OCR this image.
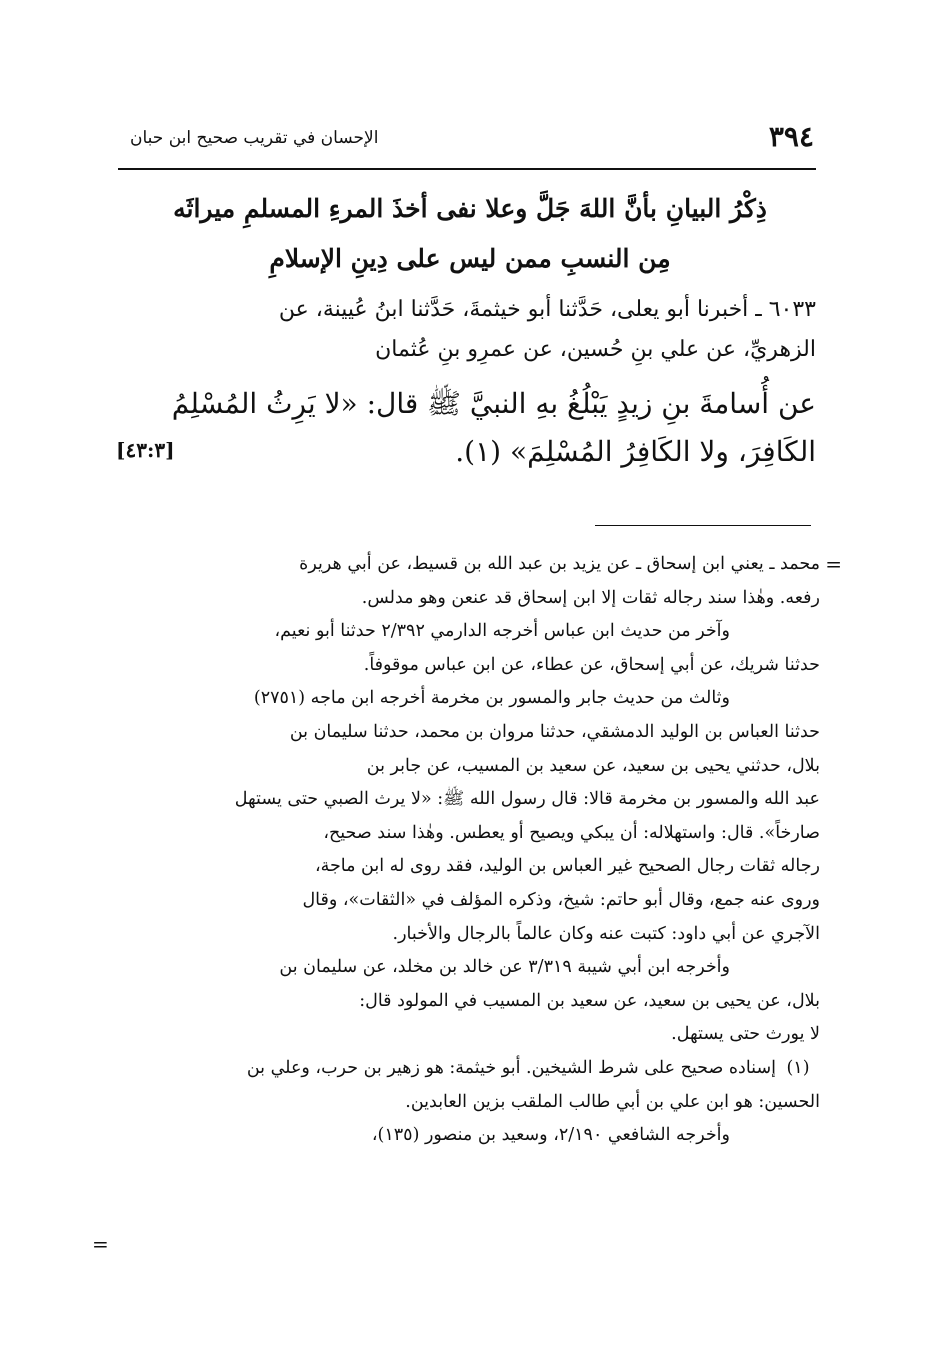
٣٩٤
الإحسان في تقريب صحيح ابن حبان
ذِكْرُ البيانِ بأنَّ اللهَ جَلَّ وعلا نفى أخذَ المرءِ المسلمِ ميراثَه
مِن النسبِ ممن ليس على دِينِ الإسلامِ
٦٠٣٣ ـ أخبرنا أبو يعلى، حَدَّثنا أبو خيثمةَ، حَدَّثنا ابنُ عُيينة، عن
الزهريِّ، عن علي بنِ حُسين، عن عمرِو بنِ عُثمان
عن أُسامةَ بنِ زيدٍ يَبْلُغُ بهِ النبيَّ ﷺ قال: «لا يَرِثُ المُسْلِمُ
الكَافِرَ، ولا الكَافِرُ المُسْلِمَ» (١).
[٤٣:٣]
=
محمد ـ يعني ابن إسحاق ـ عن يزيد بن عبد الله بن قسيط، عن أبي هريرة
رفعه. وهٰذا سند رجاله ثقات إلا ابن إسحاق قد عنعن وهو مدلس.
وآخر من حديث ابن عباس أخرجه الدارمي ٢/٣٩٢ حدثنا أبو نعيم،
حدثنا شريك، عن أبي إسحاق، عن عطاء، عن ابن عباس موقوفاً.
وثالث من حديث جابر والمسور بن مخرمة أخرجه ابن ماجه (٢٧٥١)
حدثنا العباس بن الوليد الدمشقي، حدثنا مروان بن محمد، حدثنا سليمان بن
بلال، حدثني يحيى بن سعيد، عن سعيد بن المسيب، عن جابر بن
عبد الله والمسور بن مخرمة قالا: قال رسول الله ﷺ: «لا يرث الصبي حتى يستهل
صارخاً». قال: واستهلاله: أن يبكي ويصيح أو يعطس. وهٰذا سند صحيح،
رجاله ثقات رجال الصحيح غير العباس بن الوليد، فقد روى له ابن ماجة،
وروى عنه جمع، وقال أبو حاتم: شيخ، وذكره المؤلف في «الثقات»، وقال
الآجري عن أبي داود: كتبت عنه وكان عالماً بالرجال والأخبار.
وأخرجه ابن أبي شيبة ٣/٣١٩ عن خالد بن مخلد، عن سليمان بن
بلال، عن يحيى بن سعيد، عن سعيد بن المسيب في المولود قال:
لا يورث حتى يستهل.
(١)إسناده صحيح على شرط الشيخين. أبو خيثمة: هو زهير بن حرب، وعلي بن
الحسين: هو ابن علي بن أبي طالب الملقب بزين العابدين.
وأخرجه الشافعي ٢/١٩٠، وسعيد بن منصور (١٣٥)،
=
